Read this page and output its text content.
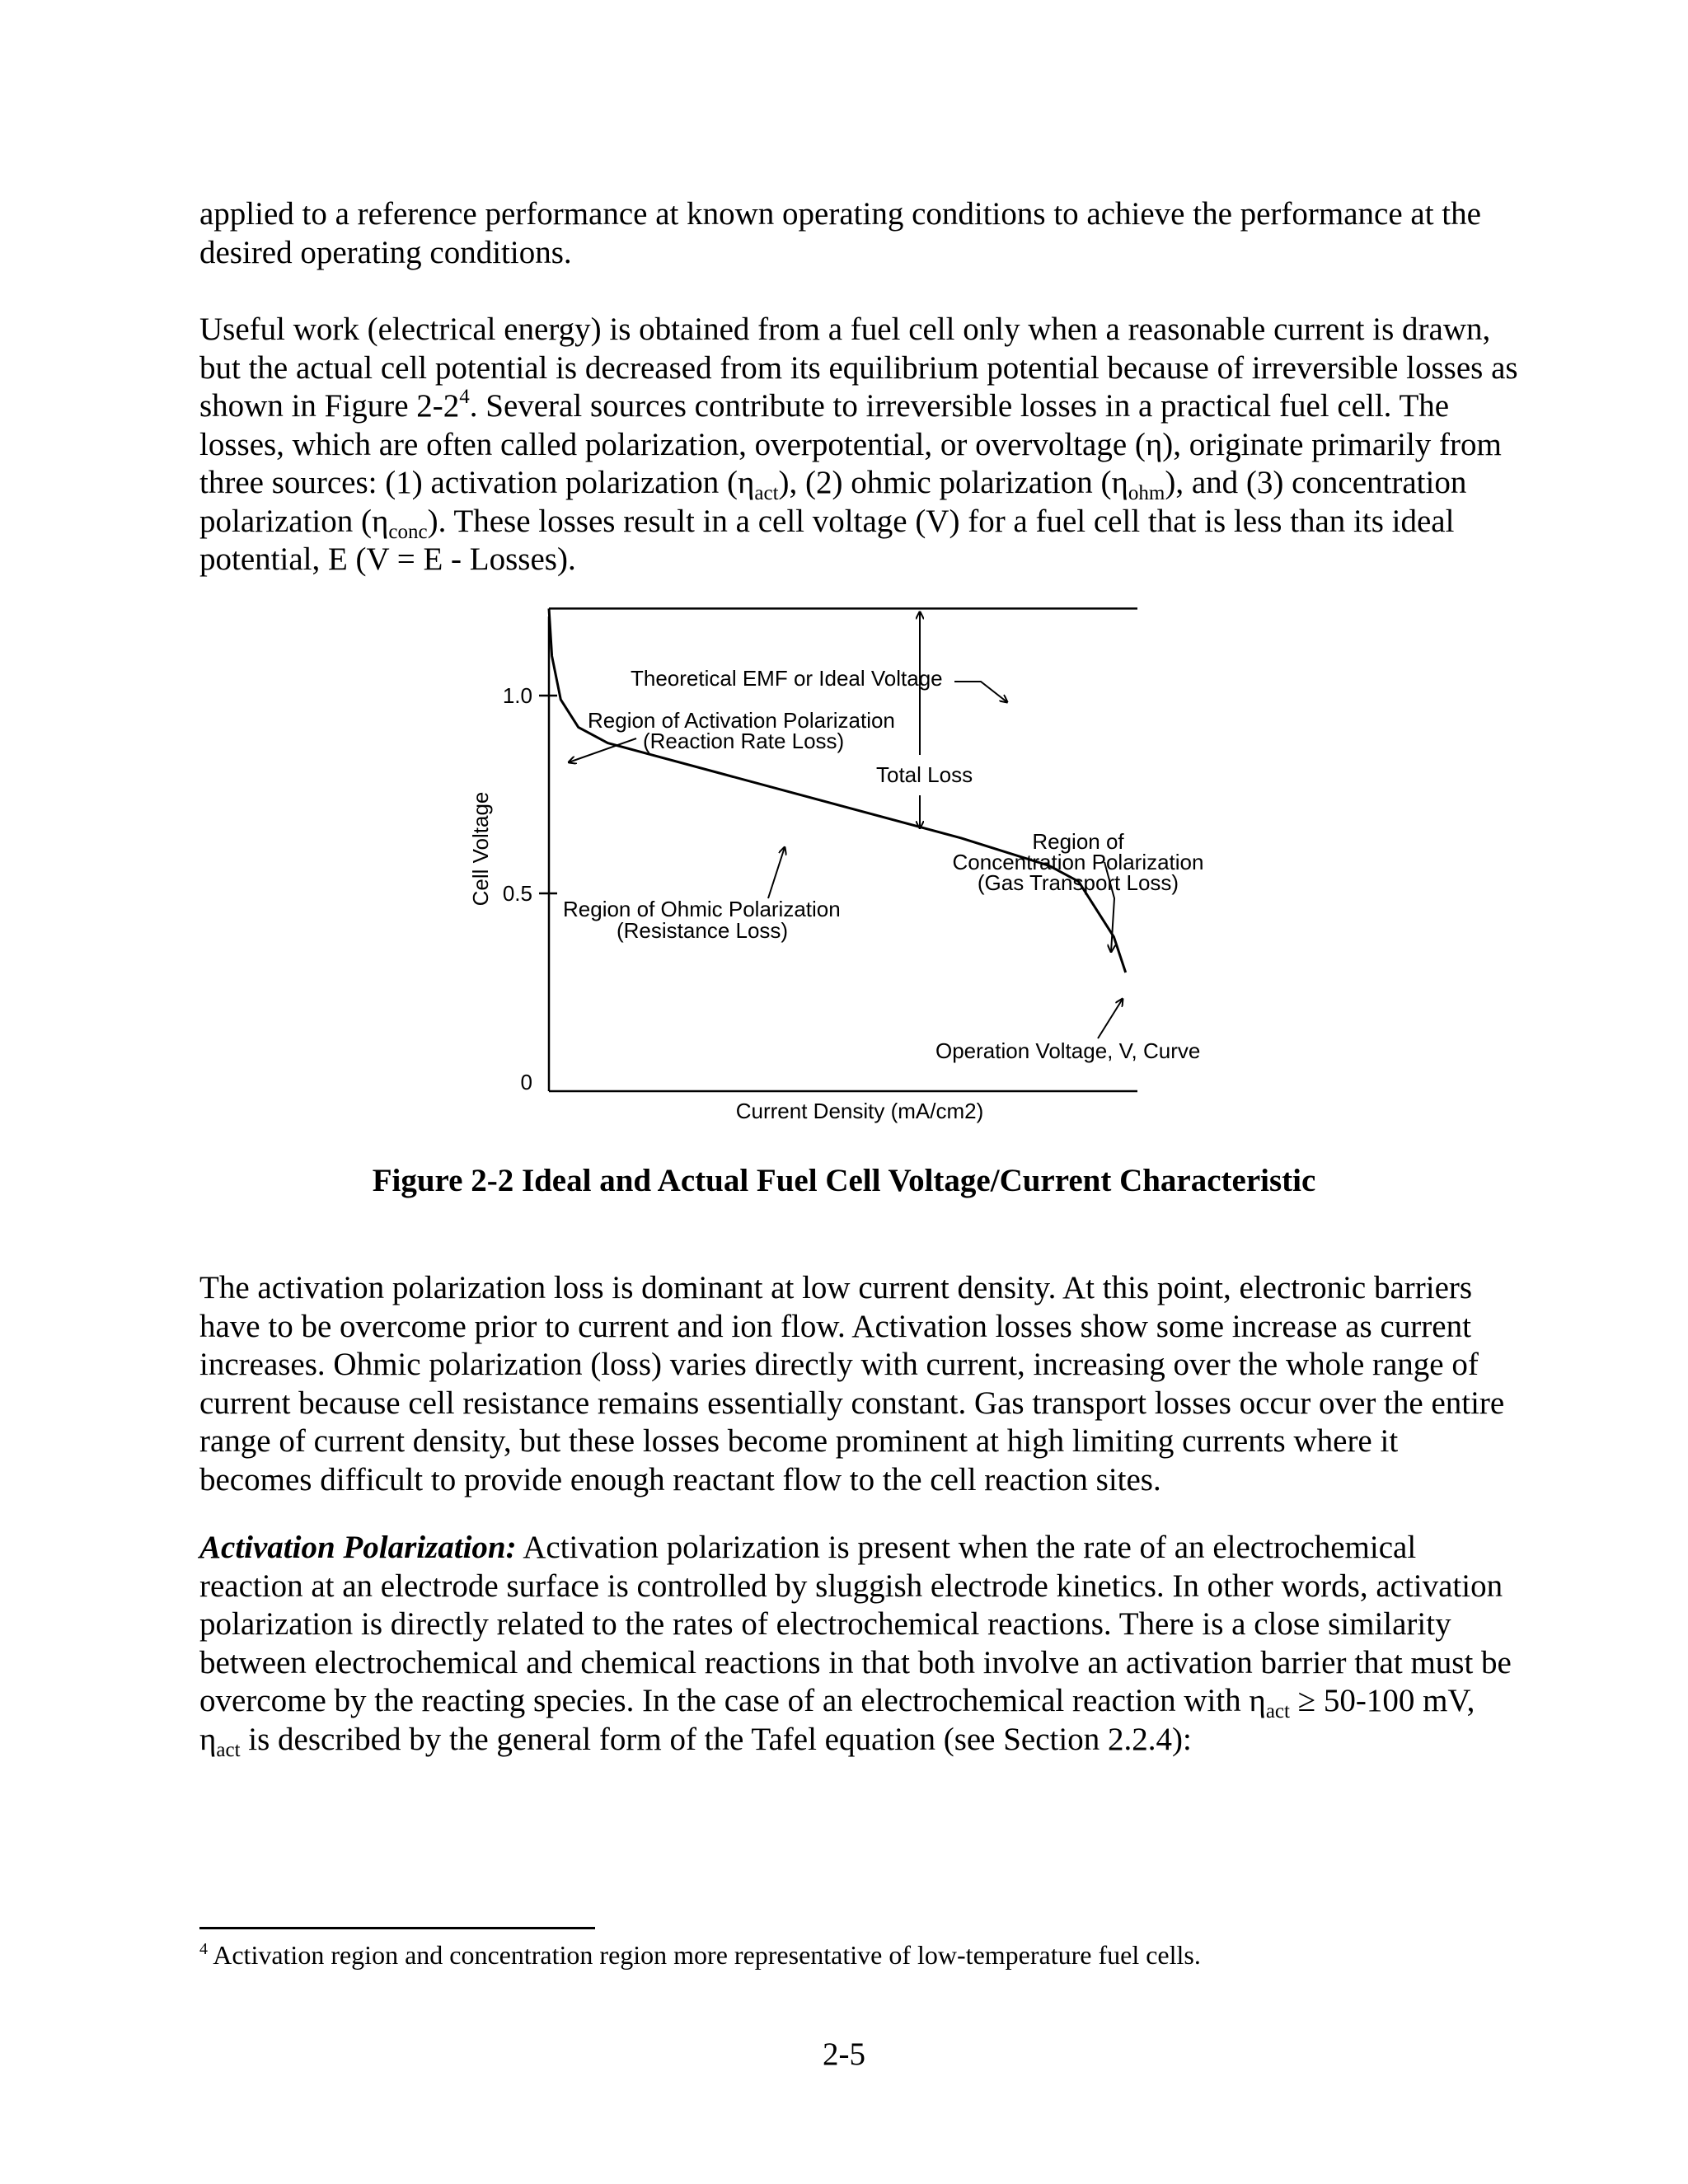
applied to a reference performance at known operating conditions to achieve the performance at the desired operating conditions.

Useful work (electrical energy) is obtained from a fuel cell only when a reasonable current is drawn, but the actual cell potential is decreased from its equilibrium potential because of irreversible losses as shown in Figure $2-2^4$. Several sources contribute to irreversible losses in a practical fuel cell. The losses, which are often called polarization, overpotential, or overvoltage (η), originate primarily from three sources: (1) activation polarization $(\eta_{act})$, (2) ohmic polarization $(\eta_{ohm})$, and (3) concentration polarization $(\eta_{conc})$. These losses result in a cell voltage (V) for a fuel cell that is less than its ideal potential, E (V = E - Losses).

1.0
0.5
0
Theoretical EMF or Ideal Voltage
Region of Activation Polarization
(Reaction Rate Loss)
Total Loss
Region of
Concentration Polarization
(Gas Transport Loss)
Region of Ohmic Polarization
(Resistance Loss)
Operation Voltage, V, Curve
Cell Voltage
Current Density (mA/cm2)

Figure 2-2 Ideal and Actual Fuel Cell Voltage/Current Characteristic

The activation polarization loss is dominant at low current density. At this point, electronic barriers have to be overcome prior to current and ion flow. Activation losses show some increase as current increases. Ohmic polarization (loss) varies directly with current, increasing over the whole range of current because cell resistance remains essentially constant. Gas transport losses occur over the entire range of current density, but these losses become prominent at high limiting currents where it becomes difficult to provide enough reactant flow to the cell reaction sites.

Activation Polarization: Activation polarization is present when the rate of an electrochemical reaction at an electrode surface is controlled by sluggish electrode kinetics. In other words, activation polarization is directly related to the rates of electrochemical reactions. There is a close similarity between electrochemical and chemical reactions in that both involve an activation barrier that must be overcome by the reacting species. In the case of an electrochemical reaction with $\eta_{act} \ge 50-100$ mV, $\eta_{act}$ is described by the general form of the Tafel equation (see Section 2.2.4):

$^4$ Activation region and concentration region more representative of low-temperature fuel cells.

2-5
